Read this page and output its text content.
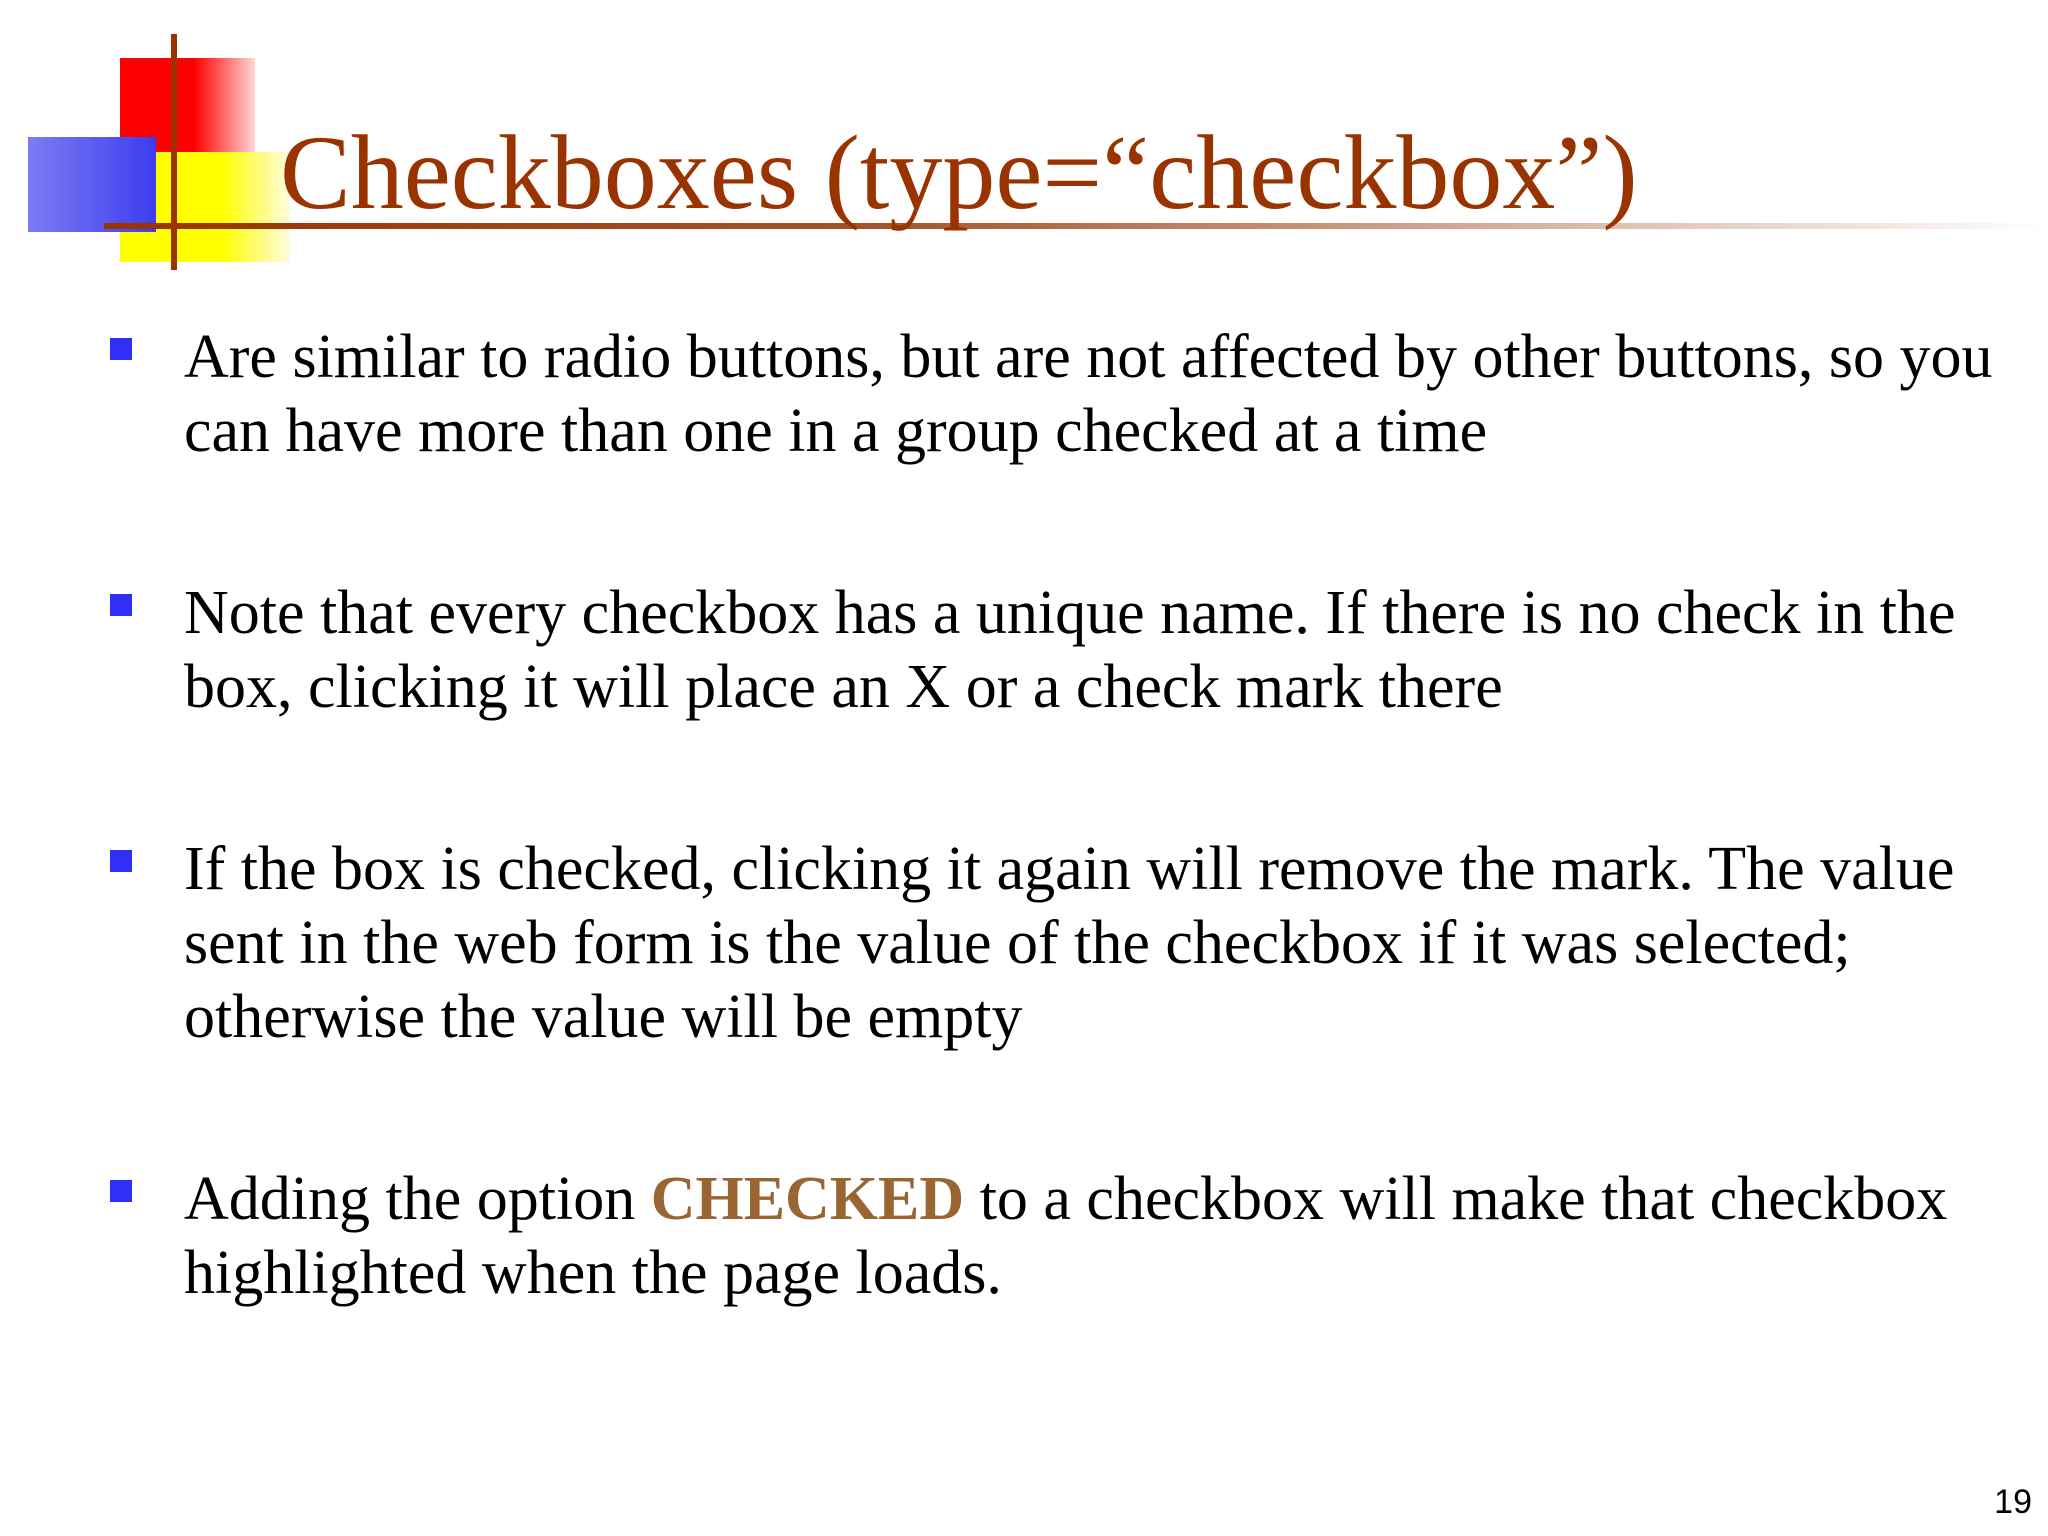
Checkboxes (type=“checkbox”)
Are similar to radio buttons, but are not affected by other buttons, so you can have more than one in a group checked at a time
Note that every checkbox has a unique name. If there is no check in the box, clicking it will place an X or a check mark there
If the box is checked, clicking it again will remove the mark. The value sent in the web form is the value of the checkbox if it was selected; otherwise the value will be empty
Adding the option CHECKED to a checkbox will make that checkbox highlighted when the page loads.
19
